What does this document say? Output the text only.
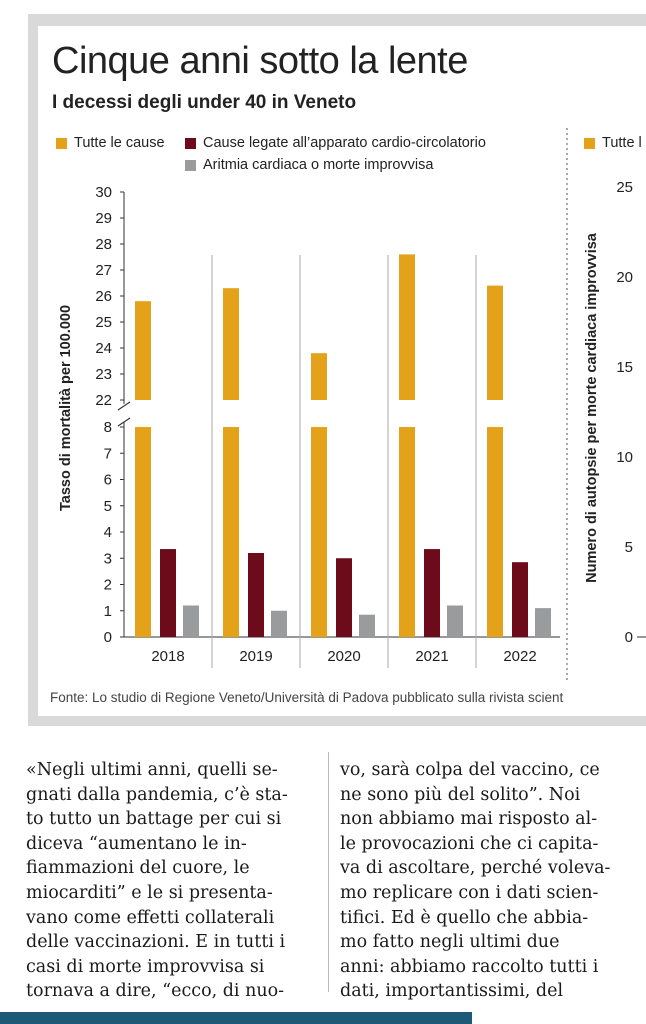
Cinque anni sotto la lente
I decessi degli under 40 in Veneto
Tutte le cause	Cause legate all’apparato cardio-circolatorio
Aritmia cardiaca o morte improvvisa
Tutte l
22
23
24
25
26
27
28
29
30
0
1
2
3
4
5
6
7
8
Tasso di mortalità per 100.000
2018	2019	2020	2021	2022
0
5
10
15
20
25
Numero di autopsie per morte cardiaca improvvisa
Fonte: Lo studio di Regione Veneto/Università di Padova pubblicato sulla rivista scient
«Negli ultimi anni, quelli se-
gnati dalla pandemia, c’è sta-
to tutto un battage per cui si
diceva “aumentano le in-
fiammazioni del cuore, le
miocarditi” e le si presenta-
vano come effetti collaterali
delle vaccinazioni. E in tutti i
casi di morte improvvisa si
tornava a dire, “ecco, di nuo-
vo, sarà colpa del vaccino, ce
ne sono più del solito”. Noi
non abbiamo mai risposto al-
le provocazioni che ci capita-
va di ascoltare, perché voleva-
mo replicare con i dati scien-
tifici. Ed è quello che abbia-
mo fatto negli ultimi due
anni: abbiamo raccolto tutti i
dati, importantissimi, del
